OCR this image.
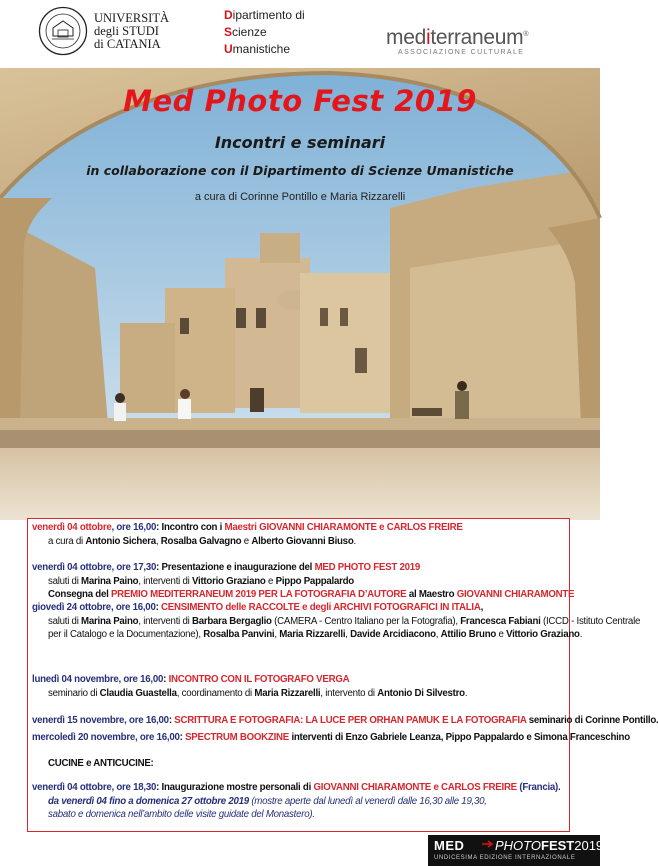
UNIVERSITÀ
degli STUDI
di CATANIA
Dipartimento di
Scienze
Umanistiche	mediterraneum®
ASSOCIAZIONE CULTURALE
Med Photo Fest 2019
Incontri e seminari
in collaborazione con il Dipartimento di Scienze Umanistiche
a cura di Corinne Pontillo e Maria Rizzarelli
venerdì 04 ottobre, ore 16,00: Incontro con i Maestri GIOVANNI CHIARAMONTE e CARLOS FREIRE
a cura di Antonio Sichera, Rosalba Galvagno e Alberto Giovanni Biuso.
venerdì 04 ottobre, ore 17,30: Presentazione e inaugurazione del MED PHOTO FEST 2019
saluti di Marina Paino, interventi di Vittorio Graziano e Pippo Pappalardo
Consegna del PREMIO MEDITERRANEUM 2019 PER LA FOTOGRAFIA D’AUTORE al Maestro GIOVANNI CHIARAMONTE
giovedì 24 ottobre, ore 16,00: CENSIMENTO delle RACCOLTE e degli ARCHIVI FOTOGRAFICI IN ITALIA,
saluti di Marina Paino, interventi di Barbara Bergaglio (CAMERA - Centro Italiano per la Fotografia), Francesca Fabiani (ICCD - Istituto Centrale
per il Catalogo e la Documentazione), Rosalba Panvini, Maria Rizzarelli, Davide Arcidiacono, Attilio Bruno e Vittorio Graziano.
lunedì 04 novembre, ore 16,00: INCONTRO CON IL FOTOGRAFO VERGA
seminario di Claudia Guastella, coordinamento di Maria Rizzarelli, intervento di Antonio Di Silvestro.
venerdì 15 novembre, ore 16,00: SCRITTURA E FOTOGRAFIA: LA LUCE PER ORHAN PAMUK E LA FOTOGRAFIA seminario di Corinne Pontillo
mercoledì 20 novembre, ore 16,00: SPECTRUM BOOKZINE interventi di Enzo Gabriele Leanza, Pippo Pappalardo e Simona Franceschino
CUCINE e ANTICUCINE:
venerdì 04 ottobre, ore 18,30: Inaugurazione mostre personali di GIOVANNI CHIARAMONTE e CARLOS FREIRE (Francia).
da venerdì 04 fino a domenica 27 ottobre 2019 (mostre aperte dal lunedì al venerdì dalle 16,30 alle 19,30,
sabato e domenica nell’ambito delle visite guidate del Monastero).
MED PHOTOFEST2019
UNDICESIMA EDIZIONE INTERNAZIONALE
